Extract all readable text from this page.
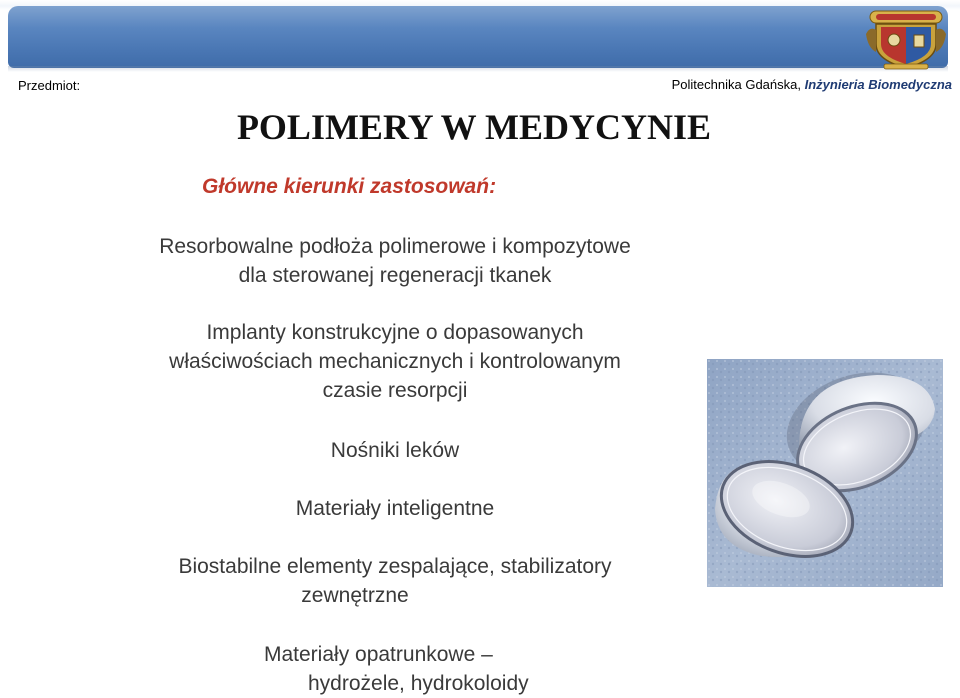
Przedmiot:	Politechnika Gdańska, Inżynieria Biomedyczna
POLIMERY W MEDYCYNIE
Główne kierunki zastosowań:
Resorbowalne podłoża polimerowe i kompozytowe
dla sterowanej regeneracji tkanek
Implanty konstrukcyjne o dopasowanych
właściwościach mechanicznych i kontrolowanym
czasie resorpcji
Nośniki leków
Materiały inteligentne
Biostabilne elementy zespalające, stabilizatory
zewnętrzne
Materiały opatrunkowe –
hydrożele, hydrokoloidy
